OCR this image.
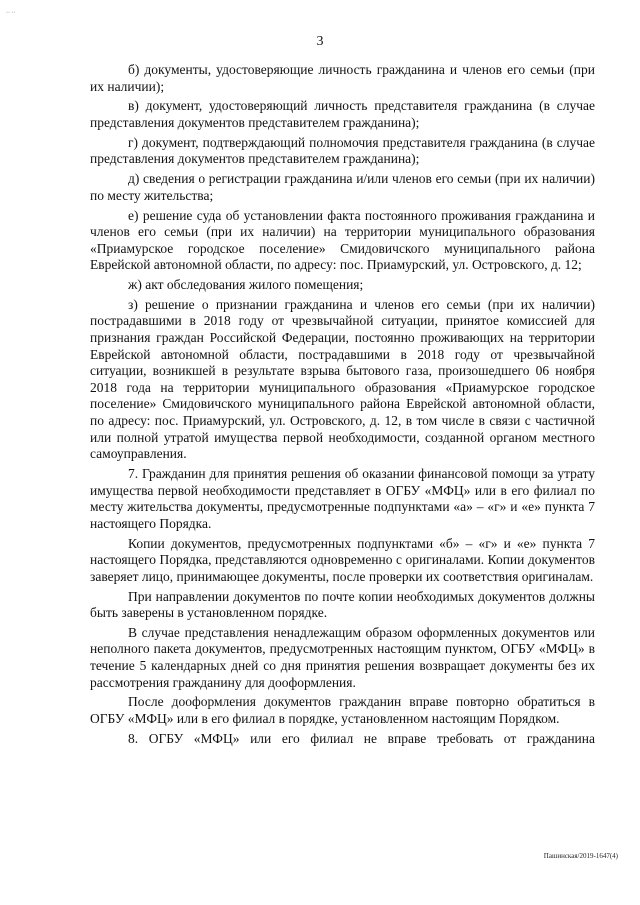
·· ··
3

б) документы, удостоверяющие личность гражданина и членов его семьи (при их наличии);

в) документ, удостоверяющий личность представителя гражданина (в случае представления документов представителем гражданина);

г) документ, подтверждающий полномочия представителя гражданина (в случае представления документов представителем гражданина);

д) сведения о регистрации гражданина и/или членов его семьи (при их наличии) по месту жительства;

е) решение суда об установлении факта постоянного проживания гражданина и членов его семьи (при их наличии) на территории муниципального образования «Приамурское городское поселение» Смидовичского муниципального района Еврейской автономной области, по адресу: пос. Приамурский, ул. Островского, д. 12;

ж) акт обследования жилого помещения;

з) решение о признании гражданина и членов его семьи (при их наличии) пострадавшими в 2018 году от чрезвычайной ситуации, принятое комиссией для признания граждан Российской Федерации, постоянно проживающих на территории Еврейской автономной области, пострадавшими в 2018 году от чрезвычайной ситуации, возникшей в результате взрыва бытового газа, произошедшего 06 ноября 2018 года на территории муниципального образования «Приамурское городское поселение» Смидовичского муниципального района Еврейской автономной области, по адресу: пос. Приамурский, ул. Островского, д. 12, в том числе в связи с частичной или полной утратой имущества первой необходимости, созданной органом местного самоуправления.

7. Гражданин для принятия решения об оказании финансовой помощи за утрату имущества первой необходимости представляет в ОГБУ «МФЦ» или в его филиал по месту жительства документы, предусмотренные подпунктами «а» – «г» и «е» пункта 7 настоящего Порядка.

Копии документов, предусмотренных подпунктами «б» – «г» и «е» пункта 7 настоящего Порядка, представляются одновременно с оригиналами. Копии документов заверяет лицо, принимающее документы, после проверки их соответствия оригиналам.

При направлении документов по почте копии необходимых документов должны быть заверены в установленном порядке.

В случае представления ненадлежащим образом оформленных документов или неполного пакета документов, предусмотренных настоящим пунктом, ОГБУ «МФЦ» в течение 5 календарных дней со дня принятия решения возвращает документы без их рассмотрения гражданину для дооформления.

После дооформления документов гражданин вправе повторно обратиться в ОГБУ «МФЦ» или в его филиал в порядке, установленном настоящим Порядком.

8. ОГБУ «МФЦ» или его филиал не вправе требовать от гражданина

Пашинская/2019-1647(4)
